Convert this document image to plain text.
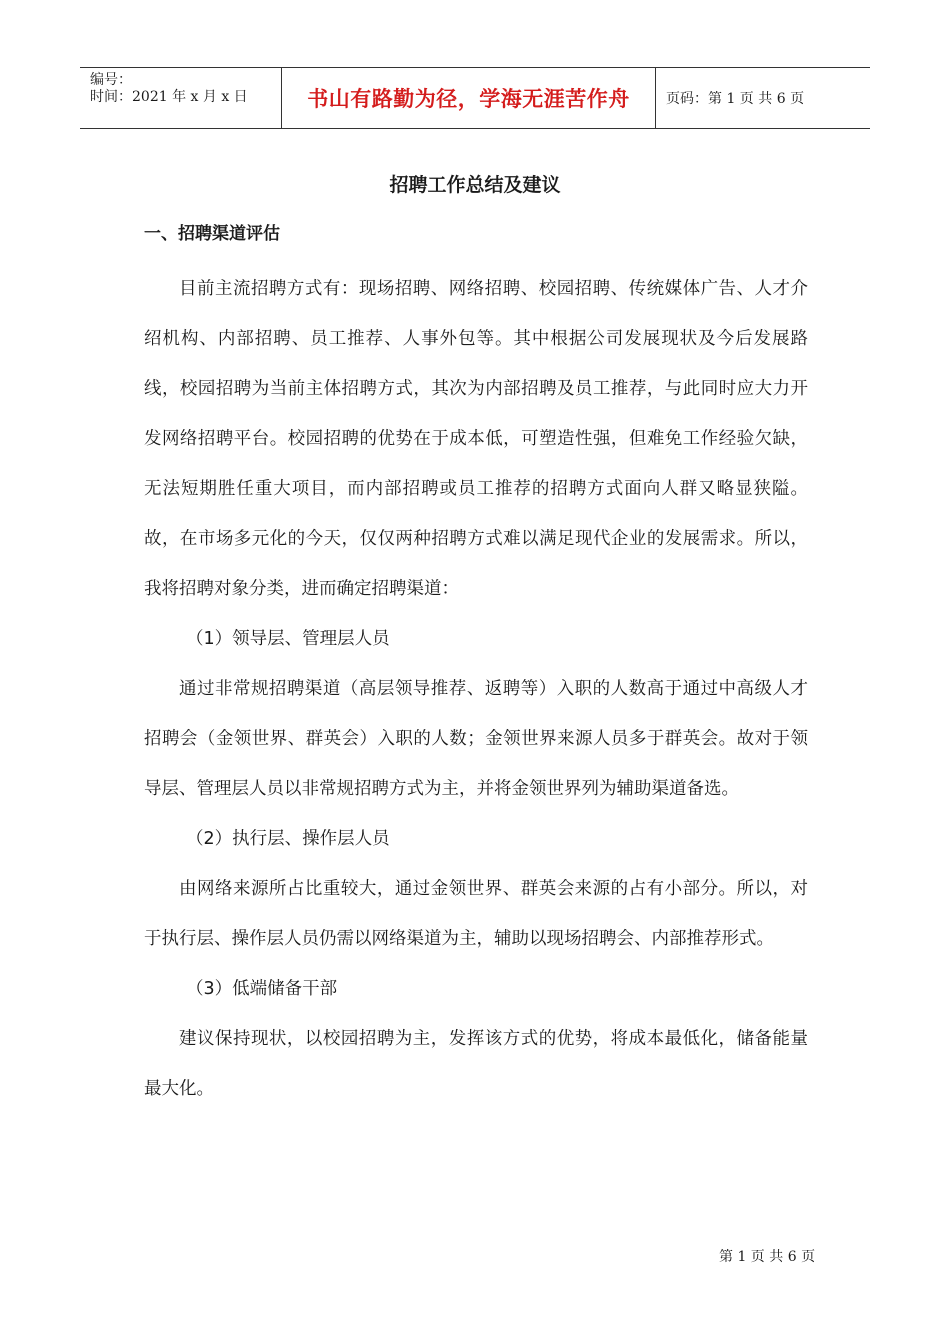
编号：
时间：2021 年 x 月 x 日	书山有路勤为径，学海无涯苦作舟	页码：第 1 页 共 6 页
招聘工作总结及建议
一、招聘渠道评估

目前主流招聘方式有：现场招聘、网络招聘、校园招聘、传统媒体广告、人才介绍机构、内部招聘、员工推荐、人事外包等。其中根据公司发展现状及今后发展路线，校园招聘为当前主体招聘方式，其次为内部招聘及员工推荐，与此同时应大力开发网络招聘平台。校园招聘的优势在于成本低，可塑造性强，但难免工作经验欠缺，无法短期胜任重大项目，而内部招聘或员工推荐的招聘方式面向人群又略显狭隘。故，在市场多元化的今天，仅仅两种招聘方式难以满足现代企业的发展需求。所以，我将招聘对象分类，进而确定招聘渠道：

（1）领导层、管理层人员

通过非常规招聘渠道（高层领导推荐、返聘等）入职的人数高于通过中高级人才招聘会（金领世界、群英会）入职的人数；金领世界来源人员多于群英会。故对于领导层、管理层人员以非常规招聘方式为主，并将金领世界列为辅助渠道备选。

（2）执行层、操作层人员

由网络来源所占比重较大，通过金领世界、群英会来源的占有小部分。所以，对于执行层、操作层人员仍需以网络渠道为主，辅助以现场招聘会、内部推荐形式。

（3）低端储备干部

建议保持现状，以校园招聘为主，发挥该方式的优势，将成本最低化，储备能量最大化。

第 1 页 共 6 页
